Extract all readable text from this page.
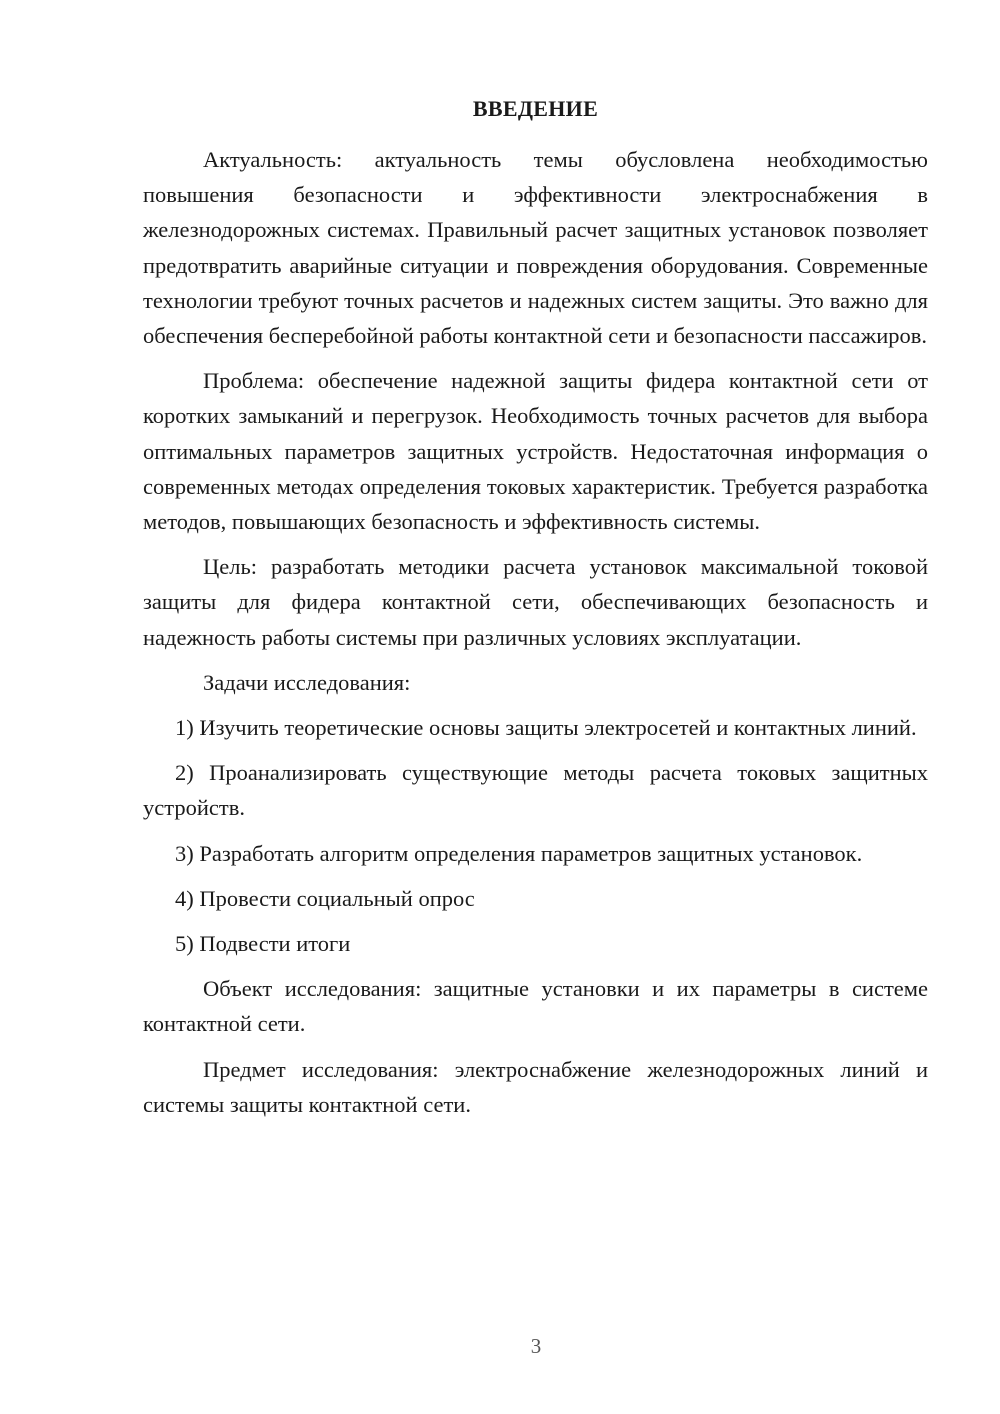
ВВЕДЕНИЕ

Актуальность: актуальность темы обусловлена необходимостью повышения безопасности и эффективности электроснабжения в железнодорожных системах. Правильный расчет защитных установок позволяет предотвратить аварийные ситуации и повреждения оборудования. Современные технологии требуют точных расчетов и надежных систем защиты. Это важно для обеспечения бесперебойной работы контактной сети и безопасности пассажиров.

Проблема: обеспечение надежной защиты фидера контактной сети от коротких замыканий и перегрузок. Необходимость точных расчетов для выбора оптимальных параметров защитных устройств. Недостаточная информация о современных методах определения токовых характеристик. Требуется разработка методов, повышающих безопасность и эффективность системы.

Цель: разработать методики расчета установок максимальной токовой защиты для фидера контактной сети, обеспечивающих безопасность и надежность работы системы при различных условиях эксплуатации.

Задачи исследования:

1) Изучить теоретические основы защиты электросетей и контактных линий.

2) Проанализировать существующие методы расчета токовых защитных устройств.

3) Разработать алгоритм определения параметров защитных установок.

4) Провести социальный опрос

5) Подвести итоги

Объект исследования: защитные установки и их параметры в системе контактной сети.

Предмет исследования: электроснабжение железнодорожных линий и системы защиты контактной сети.

3
